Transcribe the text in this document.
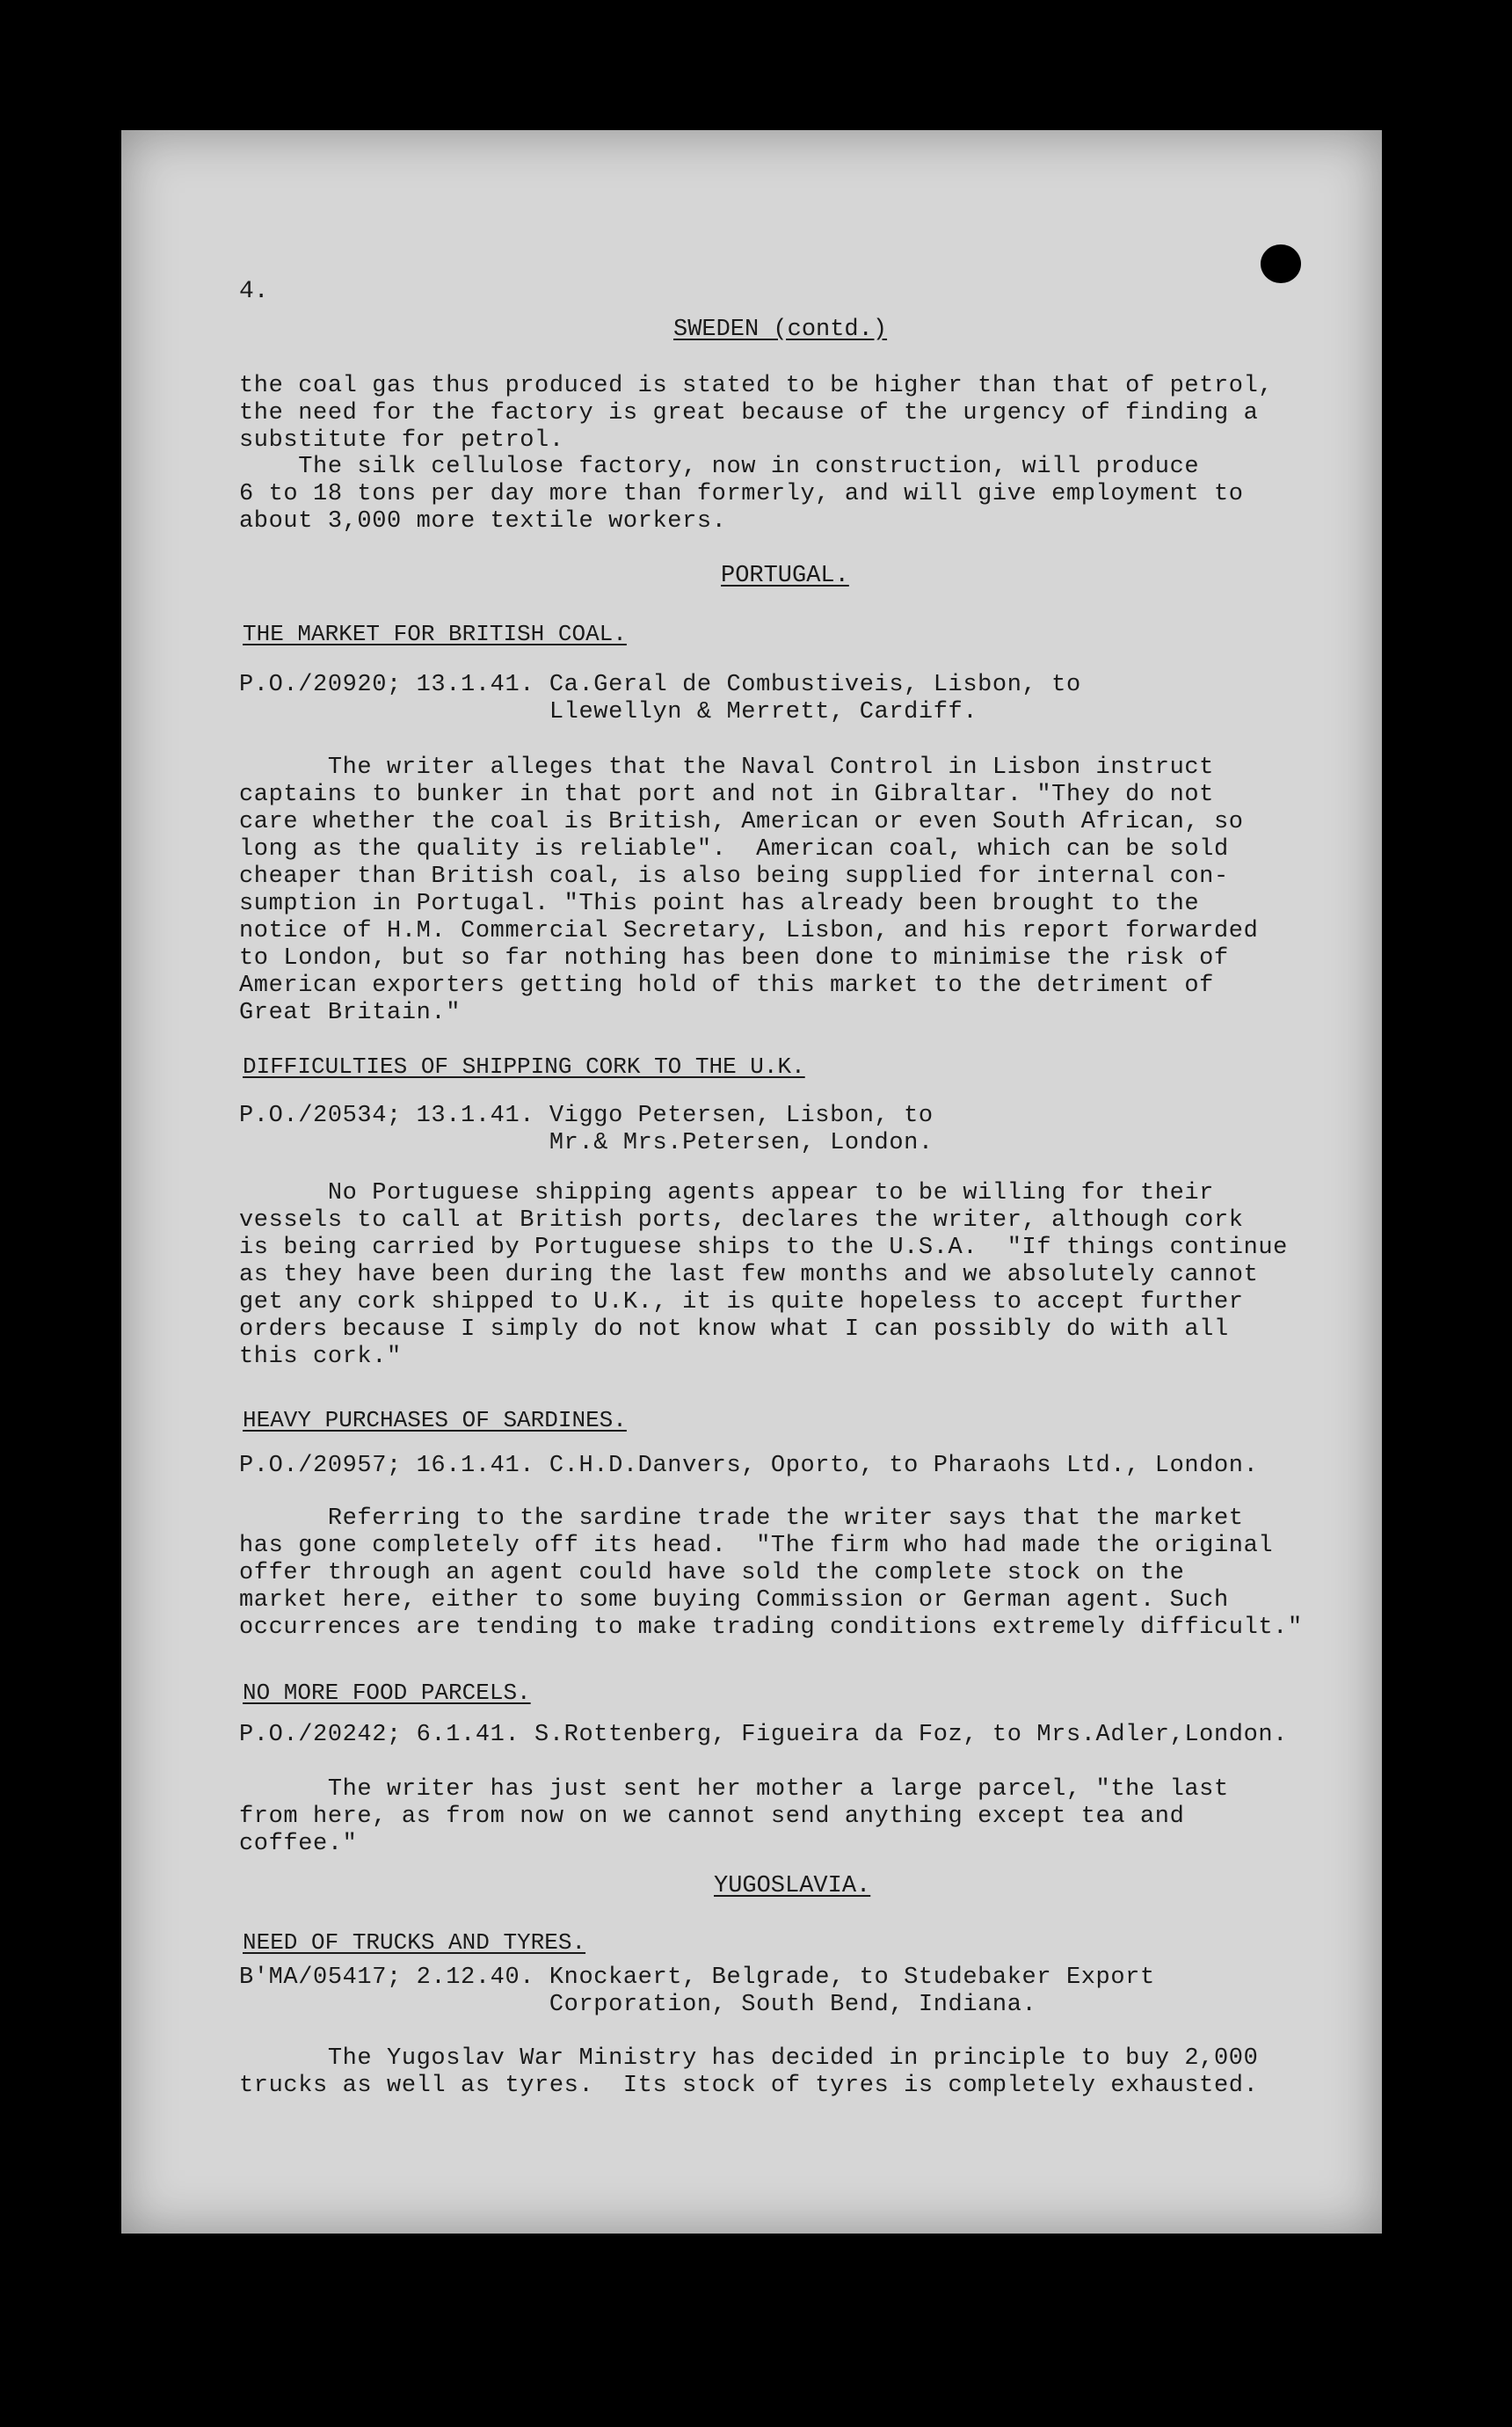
4.
SWEDEN (contd.)
the coal gas thus produced is stated to be higher than that of petrol,
the need for the factory is great because of the urgency of finding a
substitute for petrol.
The silk cellulose factory, now in construction, will produce
6 to 18 tons per day more than formerly, and will give employment to
about 3,000 more textile workers.
PORTUGAL.
THE MARKET FOR BRITISH COAL.
P.O./20920; 13.1.41. Ca.Geral de Combustiveis, Lisbon, to
Llewellyn & Merrett, Cardiff.
The writer alleges that the Naval Control in Lisbon instruct
captains to bunker in that port and not in Gibraltar. "They do not
care whether the coal is British, American or even South African, so
long as the quality is reliable".  American coal, which can be sold
cheaper than British coal, is also being supplied for internal con-
sumption in Portugal. "This point has already been brought to the
notice of H.M. Commercial Secretary, Lisbon, and his report forwarded
to London, but so far nothing has been done to minimise the risk of
American exporters getting hold of this market to the detriment of
Great Britain."
DIFFICULTIES OF SHIPPING CORK TO THE U.K.
P.O./20534; 13.1.41. Viggo Petersen, Lisbon, to
Mr.& Mrs.Petersen, London.
No Portuguese shipping agents appear to be willing for their
vessels to call at British ports, declares the writer, although cork
is being carried by Portuguese ships to the U.S.A.  "If things continue
as they have been during the last few months and we absolutely cannot
get any cork shipped to U.K., it is quite hopeless to accept further
orders because I simply do not know what I can possibly do with all
this cork."
HEAVY PURCHASES OF SARDINES.
P.O./20957; 16.1.41. C.H.D.Danvers, Oporto, to Pharaohs Ltd., London.
Referring to the sardine trade the writer says that the market
has gone completely off its head.  "The firm who had made the original
offer through an agent could have sold the complete stock on the
market here, either to some buying Commission or German agent. Such
occurrences are tending to make trading conditions extremely difficult."
NO MORE FOOD PARCELS.
P.O./20242; 6.1.41. S.Rottenberg, Figueira da Foz, to Mrs.Adler,London.
The writer has just sent her mother a large parcel, "the last
from here, as from now on we cannot send anything except tea and
coffee."
YUGOSLAVIA.
NEED OF TRUCKS AND TYRES.
B'MA/05417; 2.12.40. Knockaert, Belgrade, to Studebaker Export
Corporation, South Bend, Indiana.
The Yugoslav War Ministry has decided in principle to buy 2,000
trucks as well as tyres.  Its stock of tyres is completely exhausted.
